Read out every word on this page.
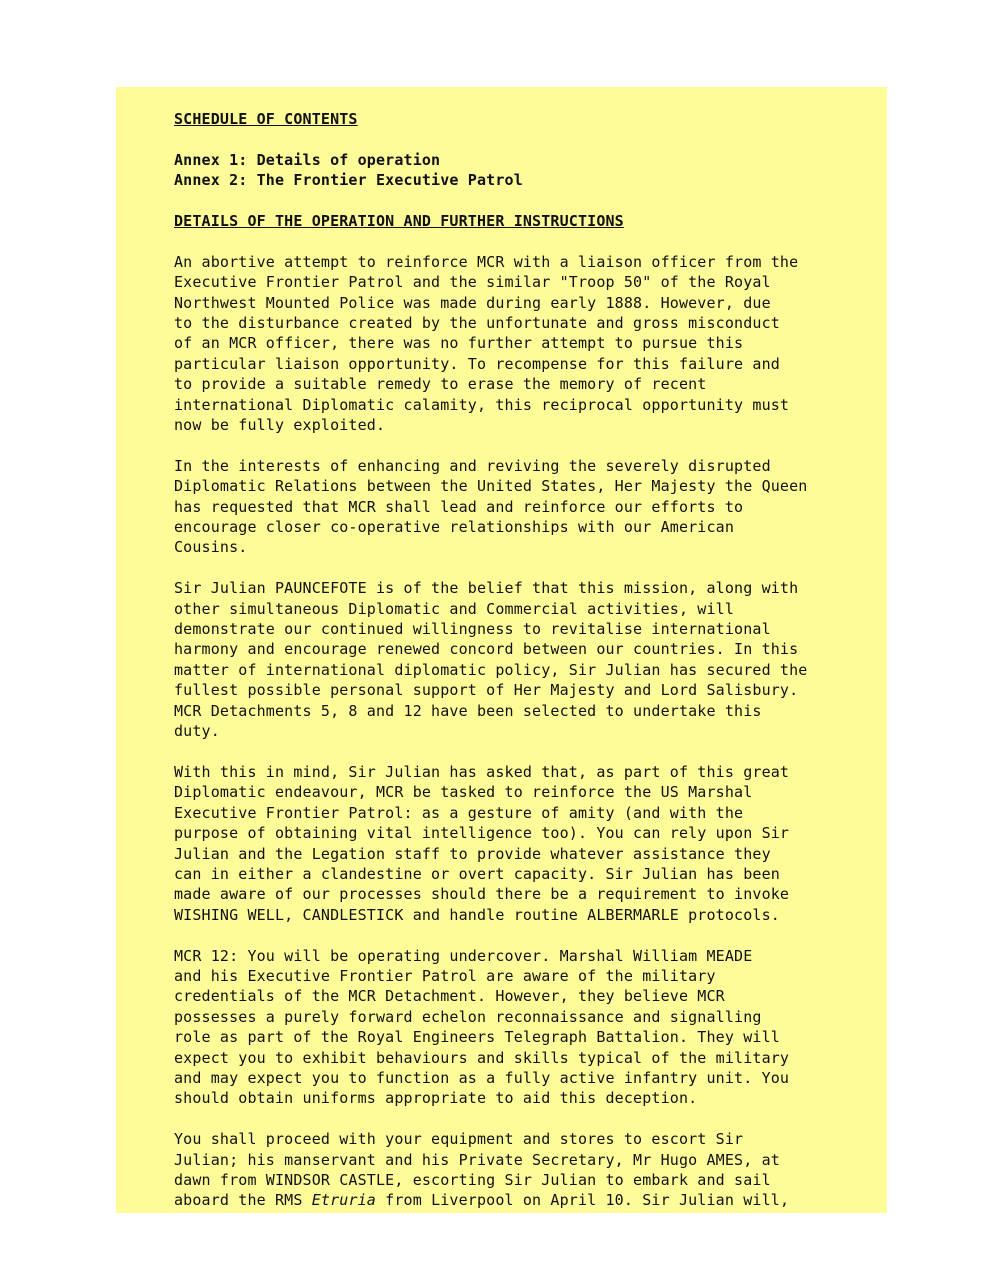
SCHEDULE OF CONTENTS

Annex 1: Details of operation

Annex 2: The Frontier Executive Patrol

DETAILS OF THE OPERATION AND FURTHER INSTRUCTIONS

An abortive attempt to reinforce MCR with a liaison officer from the
Executive Frontier Patrol and the similar "Troop 50" of the Royal
Northwest Mounted Police was made during early 1888. However, due
to the disturbance created by the unfortunate and gross misconduct
of an MCR officer, there was no further attempt to pursue this
particular liaison opportunity. To recompense for this failure and
to provide a suitable remedy to erase the memory of recent
international Diplomatic calamity, this reciprocal opportunity must
now be fully exploited.

In the interests of enhancing and reviving the severely disrupted
Diplomatic Relations between the United States, Her Majesty the Queen
has requested that MCR shall lead and reinforce our efforts to
encourage closer co-operative relationships with our American
Cousins.

Sir Julian PAUNCEFOTE is of the belief that this mission, along with
other simultaneous Diplomatic and Commercial activities, will
demonstrate our continued willingness to revitalise international
harmony and encourage renewed concord between our countries. In this
matter of international diplomatic policy, Sir Julian has secured the
fullest possible personal support of Her Majesty and Lord Salisbury.
MCR Detachments 5, 8 and 12 have been selected to undertake this
duty.

With this in mind, Sir Julian has asked that, as part of this great
Diplomatic endeavour, MCR be tasked to reinforce the US Marshal
Executive Frontier Patrol: as a gesture of amity (and with the
purpose of obtaining vital intelligence too). You can rely upon Sir
Julian and the Legation staff to provide whatever assistance they
can in either a clandestine or overt capacity. Sir Julian has been
made aware of our processes should there be a requirement to invoke
WISHING WELL, CANDLESTICK and handle routine ALBERMARLE protocols.

MCR 12: You will be operating undercover. Marshal William MEADE
and his Executive Frontier Patrol are aware of the military
credentials of the MCR Detachment. However, they believe MCR
possesses a purely forward echelon reconnaissance and signalling
role as part of the Royal Engineers Telegraph Battalion. They will
expect you to exhibit behaviours and skills typical of the military
and may expect you to function as a fully active infantry unit. You
should obtain uniforms appropriate to aid this deception.

You shall proceed with your equipment and stores to escort Sir
Julian; his manservant and his Private Secretary, Mr Hugo AMES, at
dawn from WINDSOR CASTLE, escorting Sir Julian to embark and sail
aboard the RMS Etruria from Liverpool on April 10. Sir Julian will,
